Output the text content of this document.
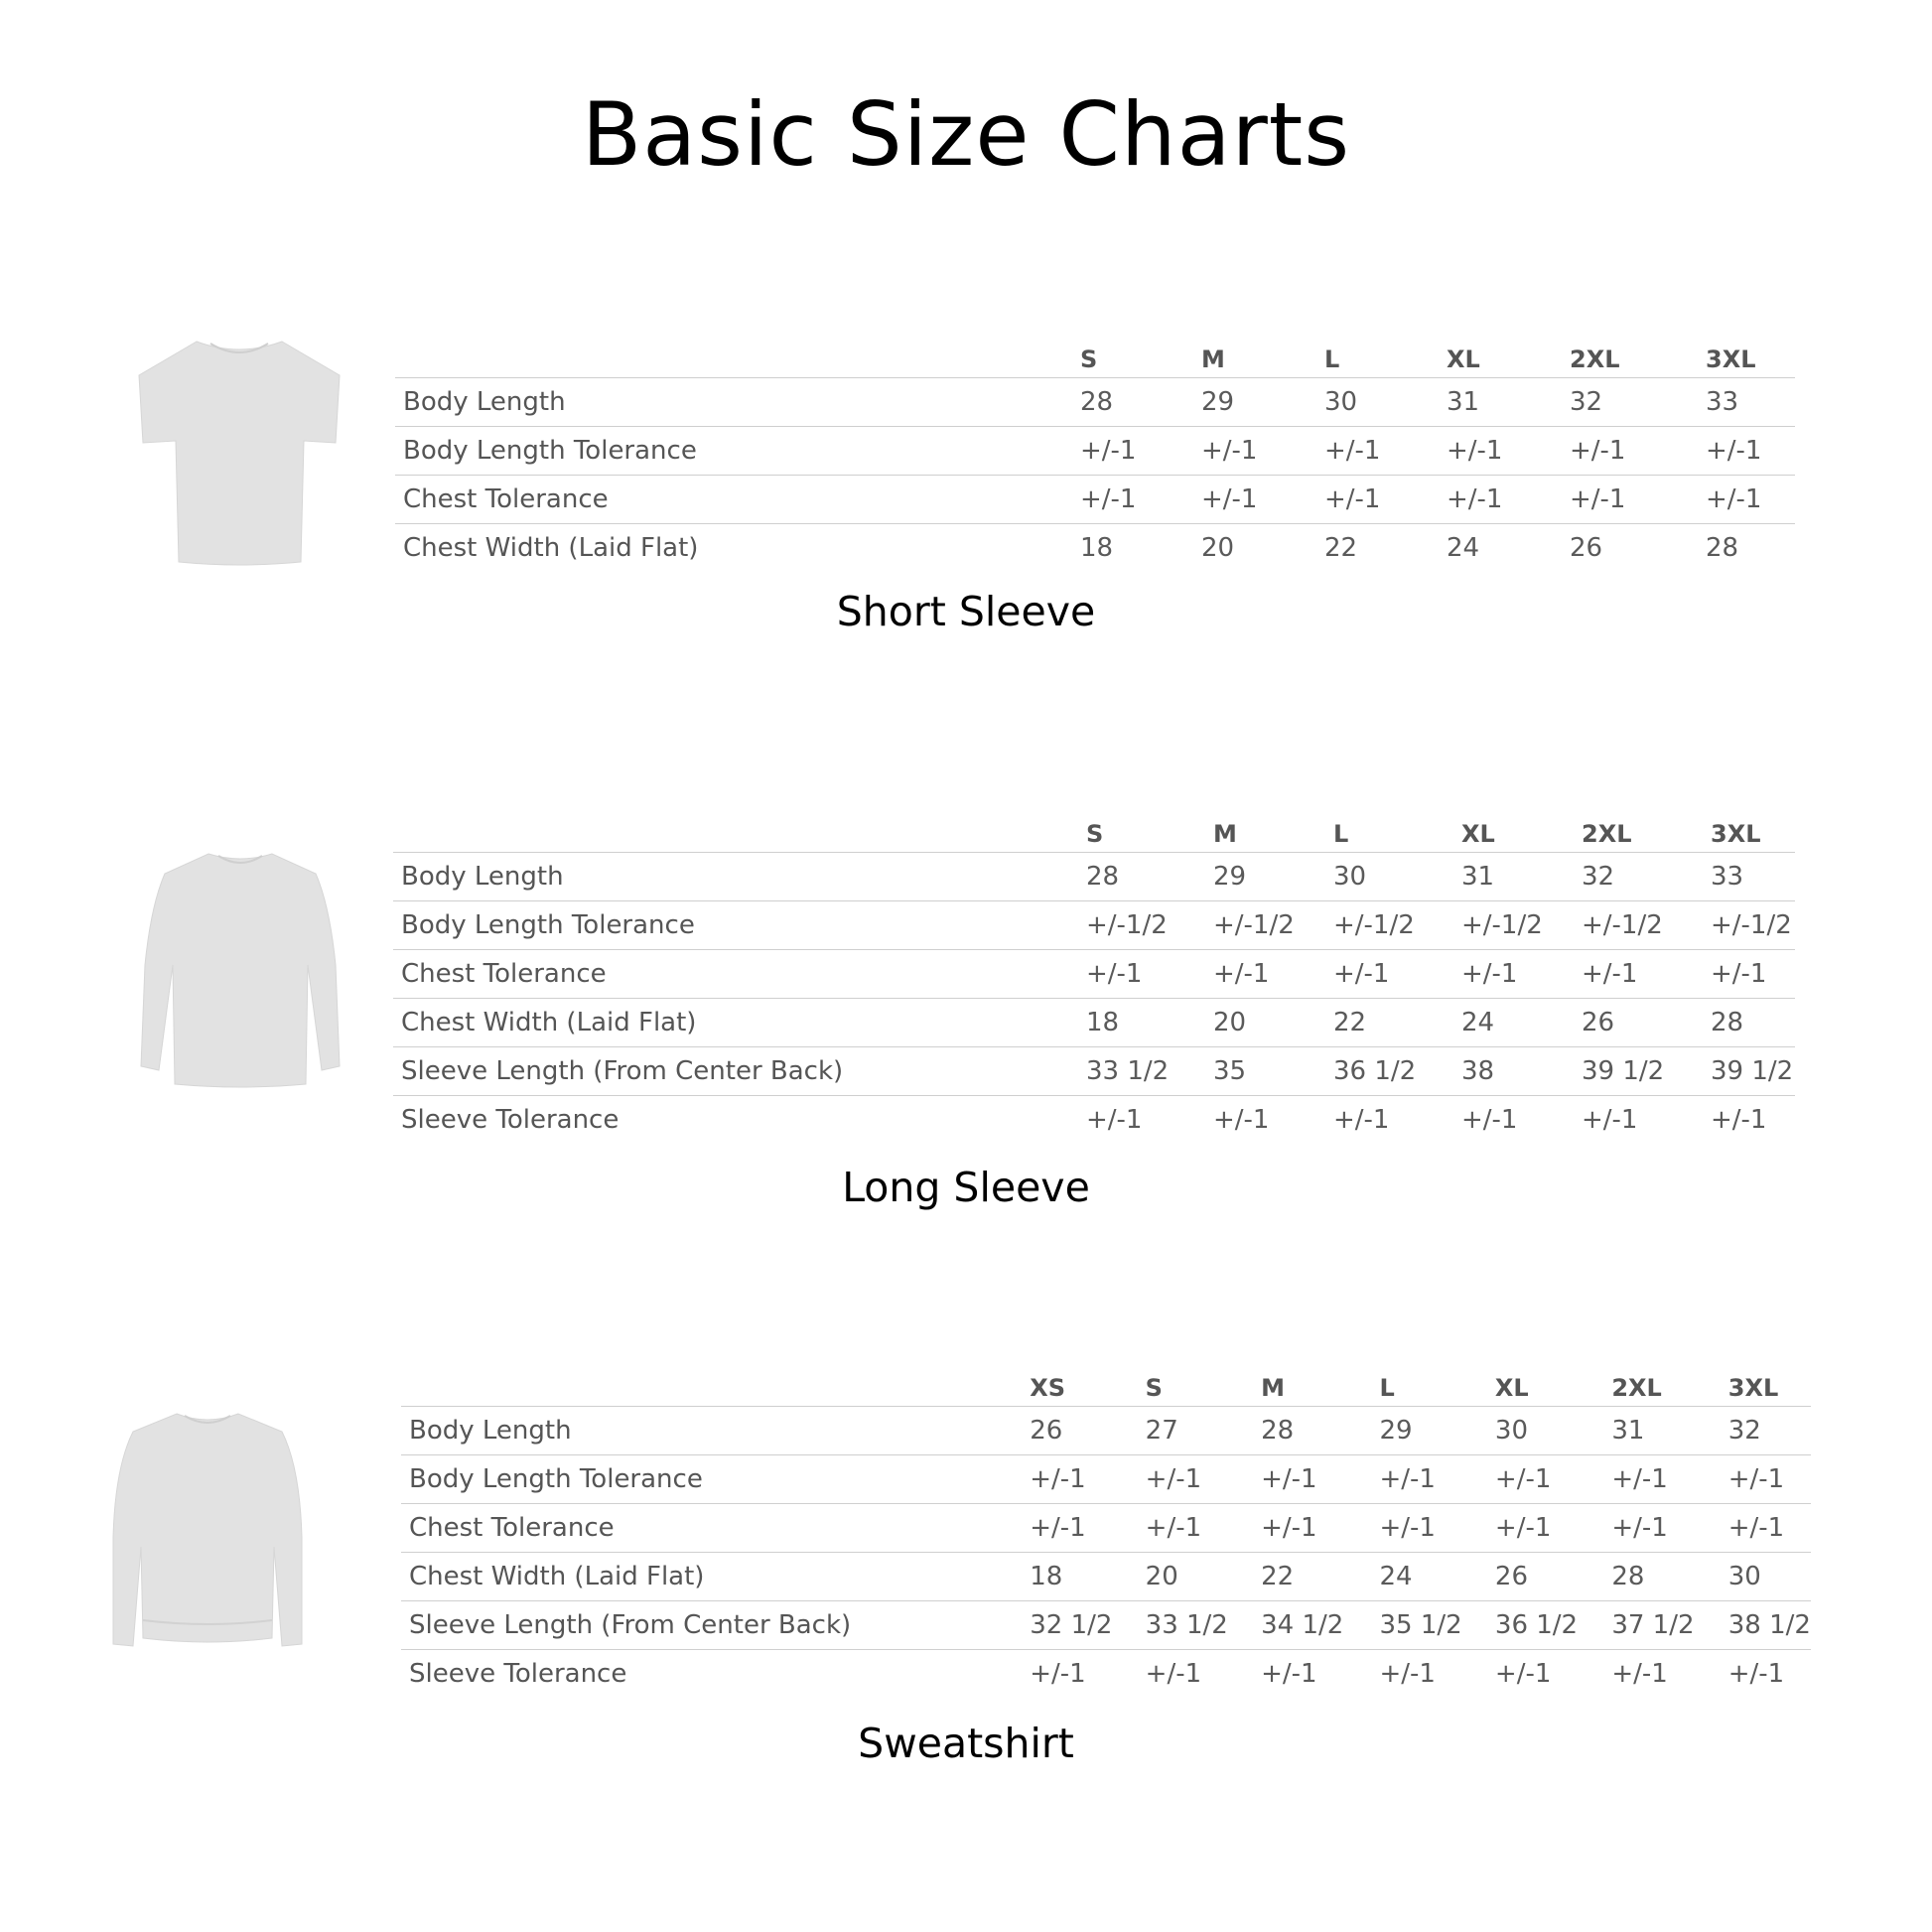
Basic Size Charts
	S	M	L	XL	2XL	3XL
Body Length	28	29	30	31	32	33
Body Length Tolerance	+/-1	+/-1	+/-1	+/-1	+/-1	+/-1
Chest Tolerance	+/-1	+/-1	+/-1	+/-1	+/-1	+/-1
Chest Width (Laid Flat)	18	20	22	24	26	28
Short Sleeve
	S	M	L	XL	2XL	3XL
Body Length	28	29	30	31	32	33
Body Length Tolerance	+/-1/2	+/-1/2	+/-1/2	+/-1/2	+/-1/2	+/-1/2
Chest Tolerance	+/-1	+/-1	+/-1	+/-1	+/-1	+/-1
Chest Width (Laid Flat)	18	20	22	24	26	28
Sleeve Length (From Center Back)	33 1/2	35	36 1/2	38	39 1/2	39 1/2
Sleeve Tolerance	+/-1	+/-1	+/-1	+/-1	+/-1	+/-1
Long Sleeve
	XS	S	M	L	XL	2XL	3XL
Body Length	26	27	28	29	30	31	32
Body Length Tolerance	+/-1	+/-1	+/-1	+/-1	+/-1	+/-1	+/-1
Chest Tolerance	+/-1	+/-1	+/-1	+/-1	+/-1	+/-1	+/-1
Chest Width (Laid Flat)	18	20	22	24	26	28	30
Sleeve Length (From Center Back)	32 1/2	33 1/2	34 1/2	35 1/2	36 1/2	37 1/2	38 1/2
Sleeve Tolerance	+/-1	+/-1	+/-1	+/-1	+/-1	+/-1	+/-1
Sweatshirt
